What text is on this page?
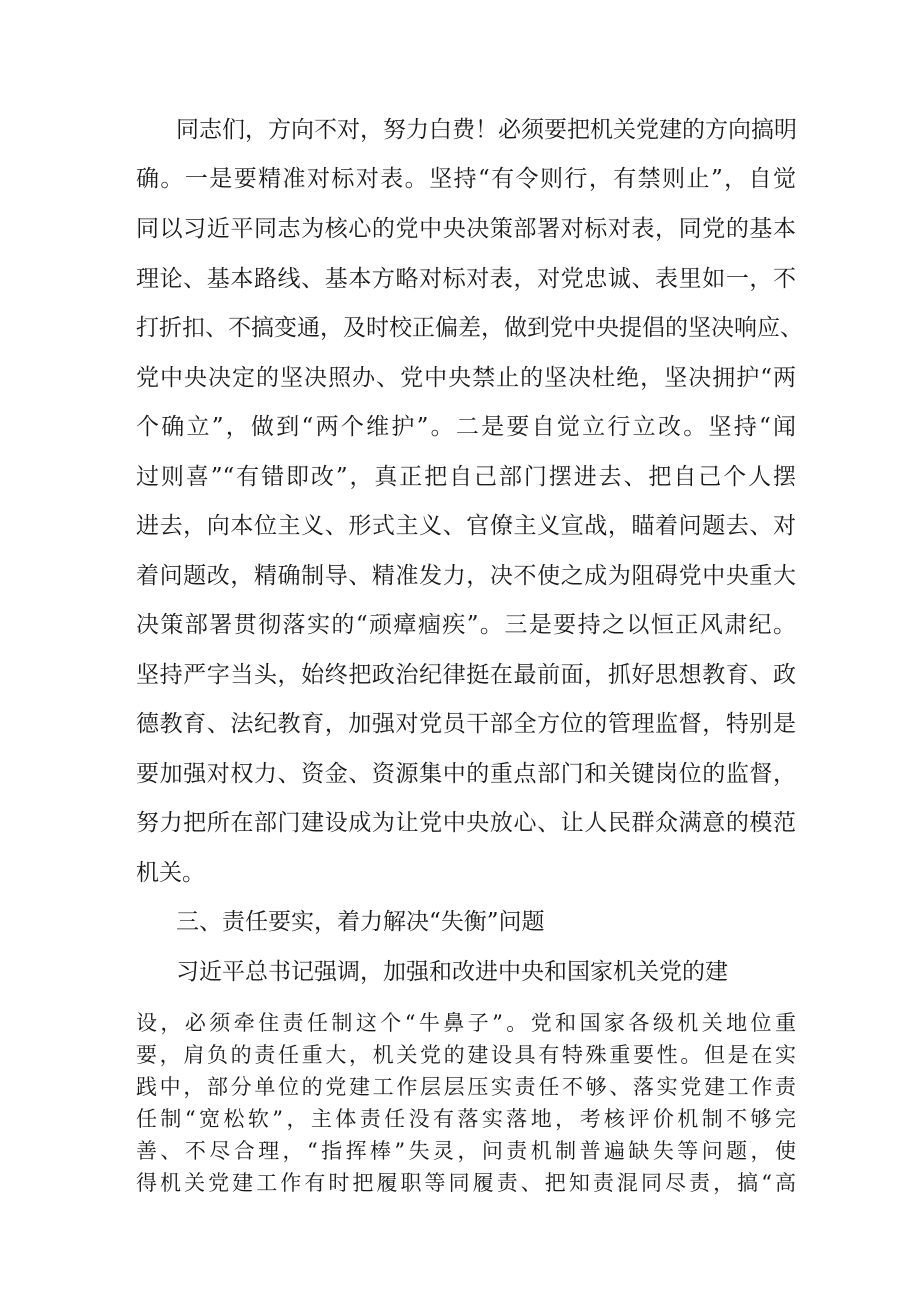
同志们，方向不对，努力白费！必须要把机关党建的方向搞明
确。一是要精准对标对表。坚持“有令则行，有禁则止”，自觉
同以习近平同志为核心的党中央决策部署对标对表，同党的基本
理论、基本路线、基本方略对标对表，对党忠诚、表里如一，不
打折扣、不搞变通，及时校正偏差，做到党中央提倡的坚决响应、
党中央决定的坚决照办、党中央禁止的坚决杜绝，坚决拥护“两
个确立”，做到“两个维护”。二是要自觉立行立改。坚持“闻
过则喜”“有错即改”，真正把自己部门摆进去、把自己个人摆
进去，向本位主义、形式主义、官僚主义宣战，瞄着问题去、对
着问题改，精确制导、精准发力，决不使之成为阻碍党中央重大
决策部署贯彻落实的“顽瘴痼疾”。三是要持之以恒正风肃纪。
坚持严字当头，始终把政治纪律挺在最前面，抓好思想教育、政
德教育、法纪教育，加强对党员干部全方位的管理监督，特别是
要加强对权力、资金、资源集中的重点部门和关键岗位的监督，
努力把所在部门建设成为让党中央放心、让人民群众满意的模范
机关。
三、责任要实，着力解决“失衡”问题
习近平总书记强调，加强和改进中央和国家机关党的建
设，必须牵住责任制这个“牛鼻子”。党和国家各级机关地位重
要，肩负的责任重大，机关党的建设具有特殊重要性。但是在实
践中，部分单位的党建工作层层压实责任不够、落实党建工作责
任制“宽松软”，主体责任没有落实落地，考核评价机制不够完
善、不尽合理，“指挥棒”失灵，问责机制普遍缺失等问题，使
得机关党建工作有时把履职等同履责、把知责混同尽责，搞“高
